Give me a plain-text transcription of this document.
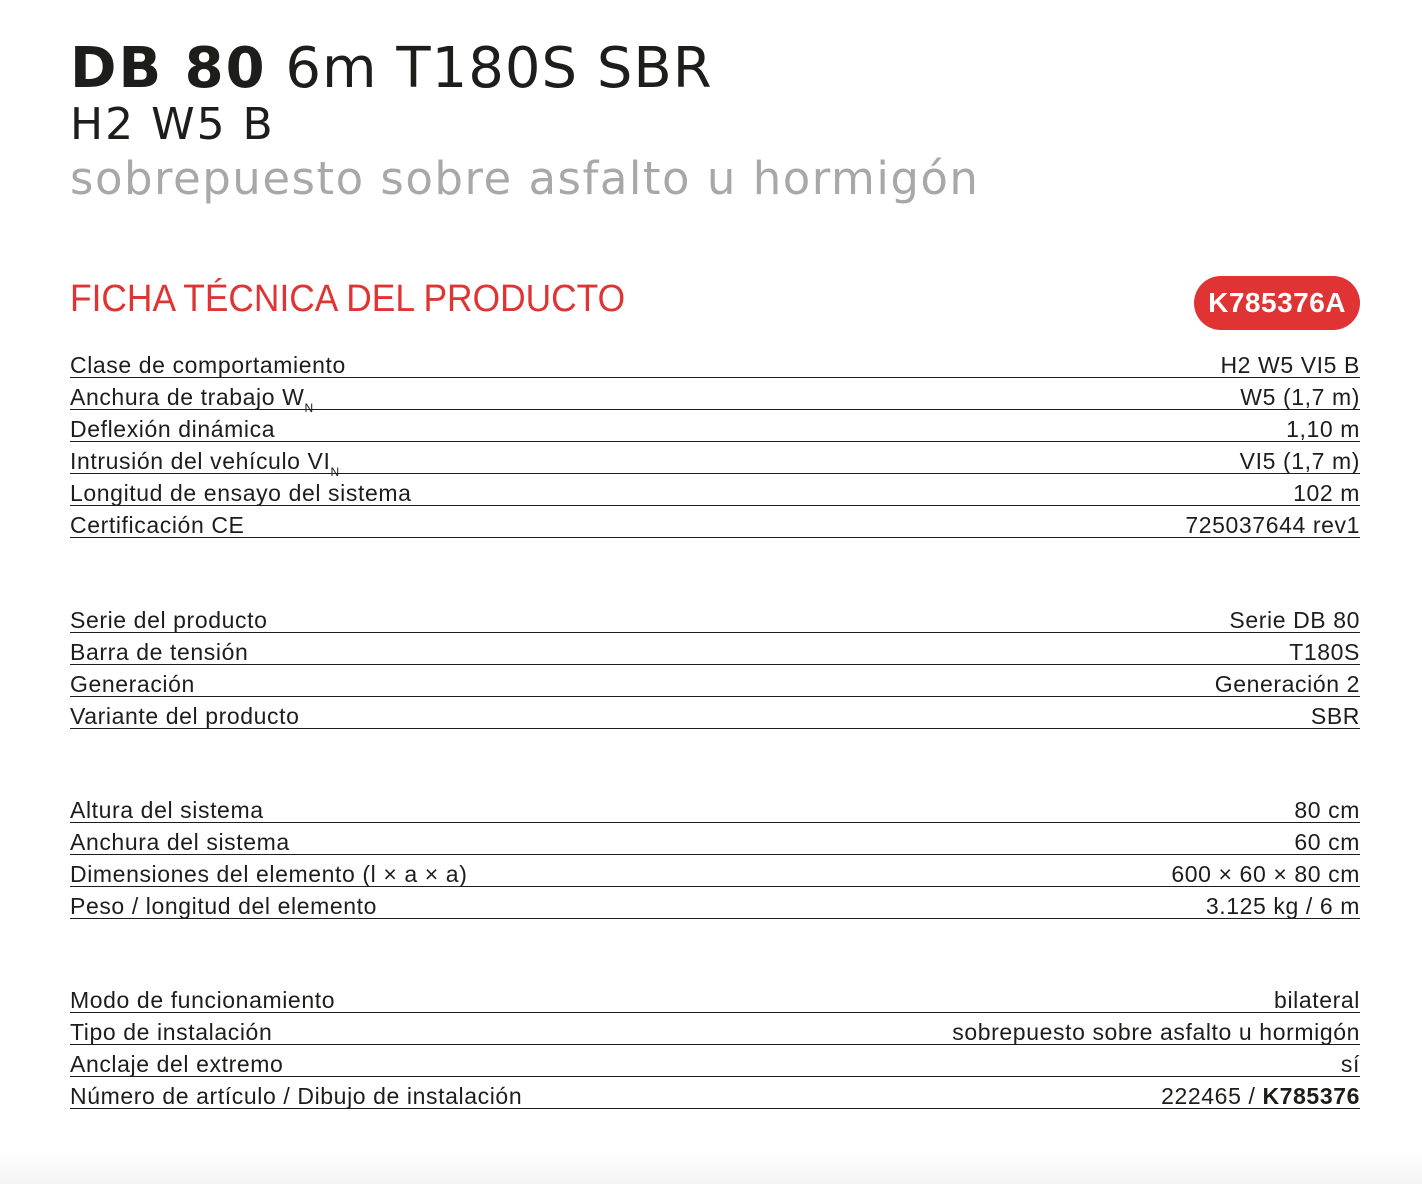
DB 80 6m T180S SBR
H2 W5 B
sobrepuesto sobre asfalto u hormigón
FICHA TÉCNICA DEL PRODUCTO	K785376A
Clase de comportamiento	H2 W5 VI5 B
Anchura de trabajo $W_N$	W5 (1,7 m)
Deflexión dinámica	1,10 m
Intrusión del vehículo $VI_N$	VI5 (1,7 m)
Longitud de ensayo del sistema	102 m
Certificación CE	725037644 rev1
Serie del producto	Serie DB 80
Barra de tensión	T180S
Generación	Generación 2
Variante del producto	SBR
Altura del sistema	80 cm
Anchura del sistema	60 cm
Dimensiones del elemento (l × a × a)	600 × 60 × 80 cm
Peso / longitud del elemento	3.125 kg / 6 m
Modo de funcionamiento	bilateral
Tipo de instalación	sobrepuesto sobre asfalto u hormigón
Anclaje del extremo	sí
Número de artículo / Dibujo de instalación	222465 / K785376
